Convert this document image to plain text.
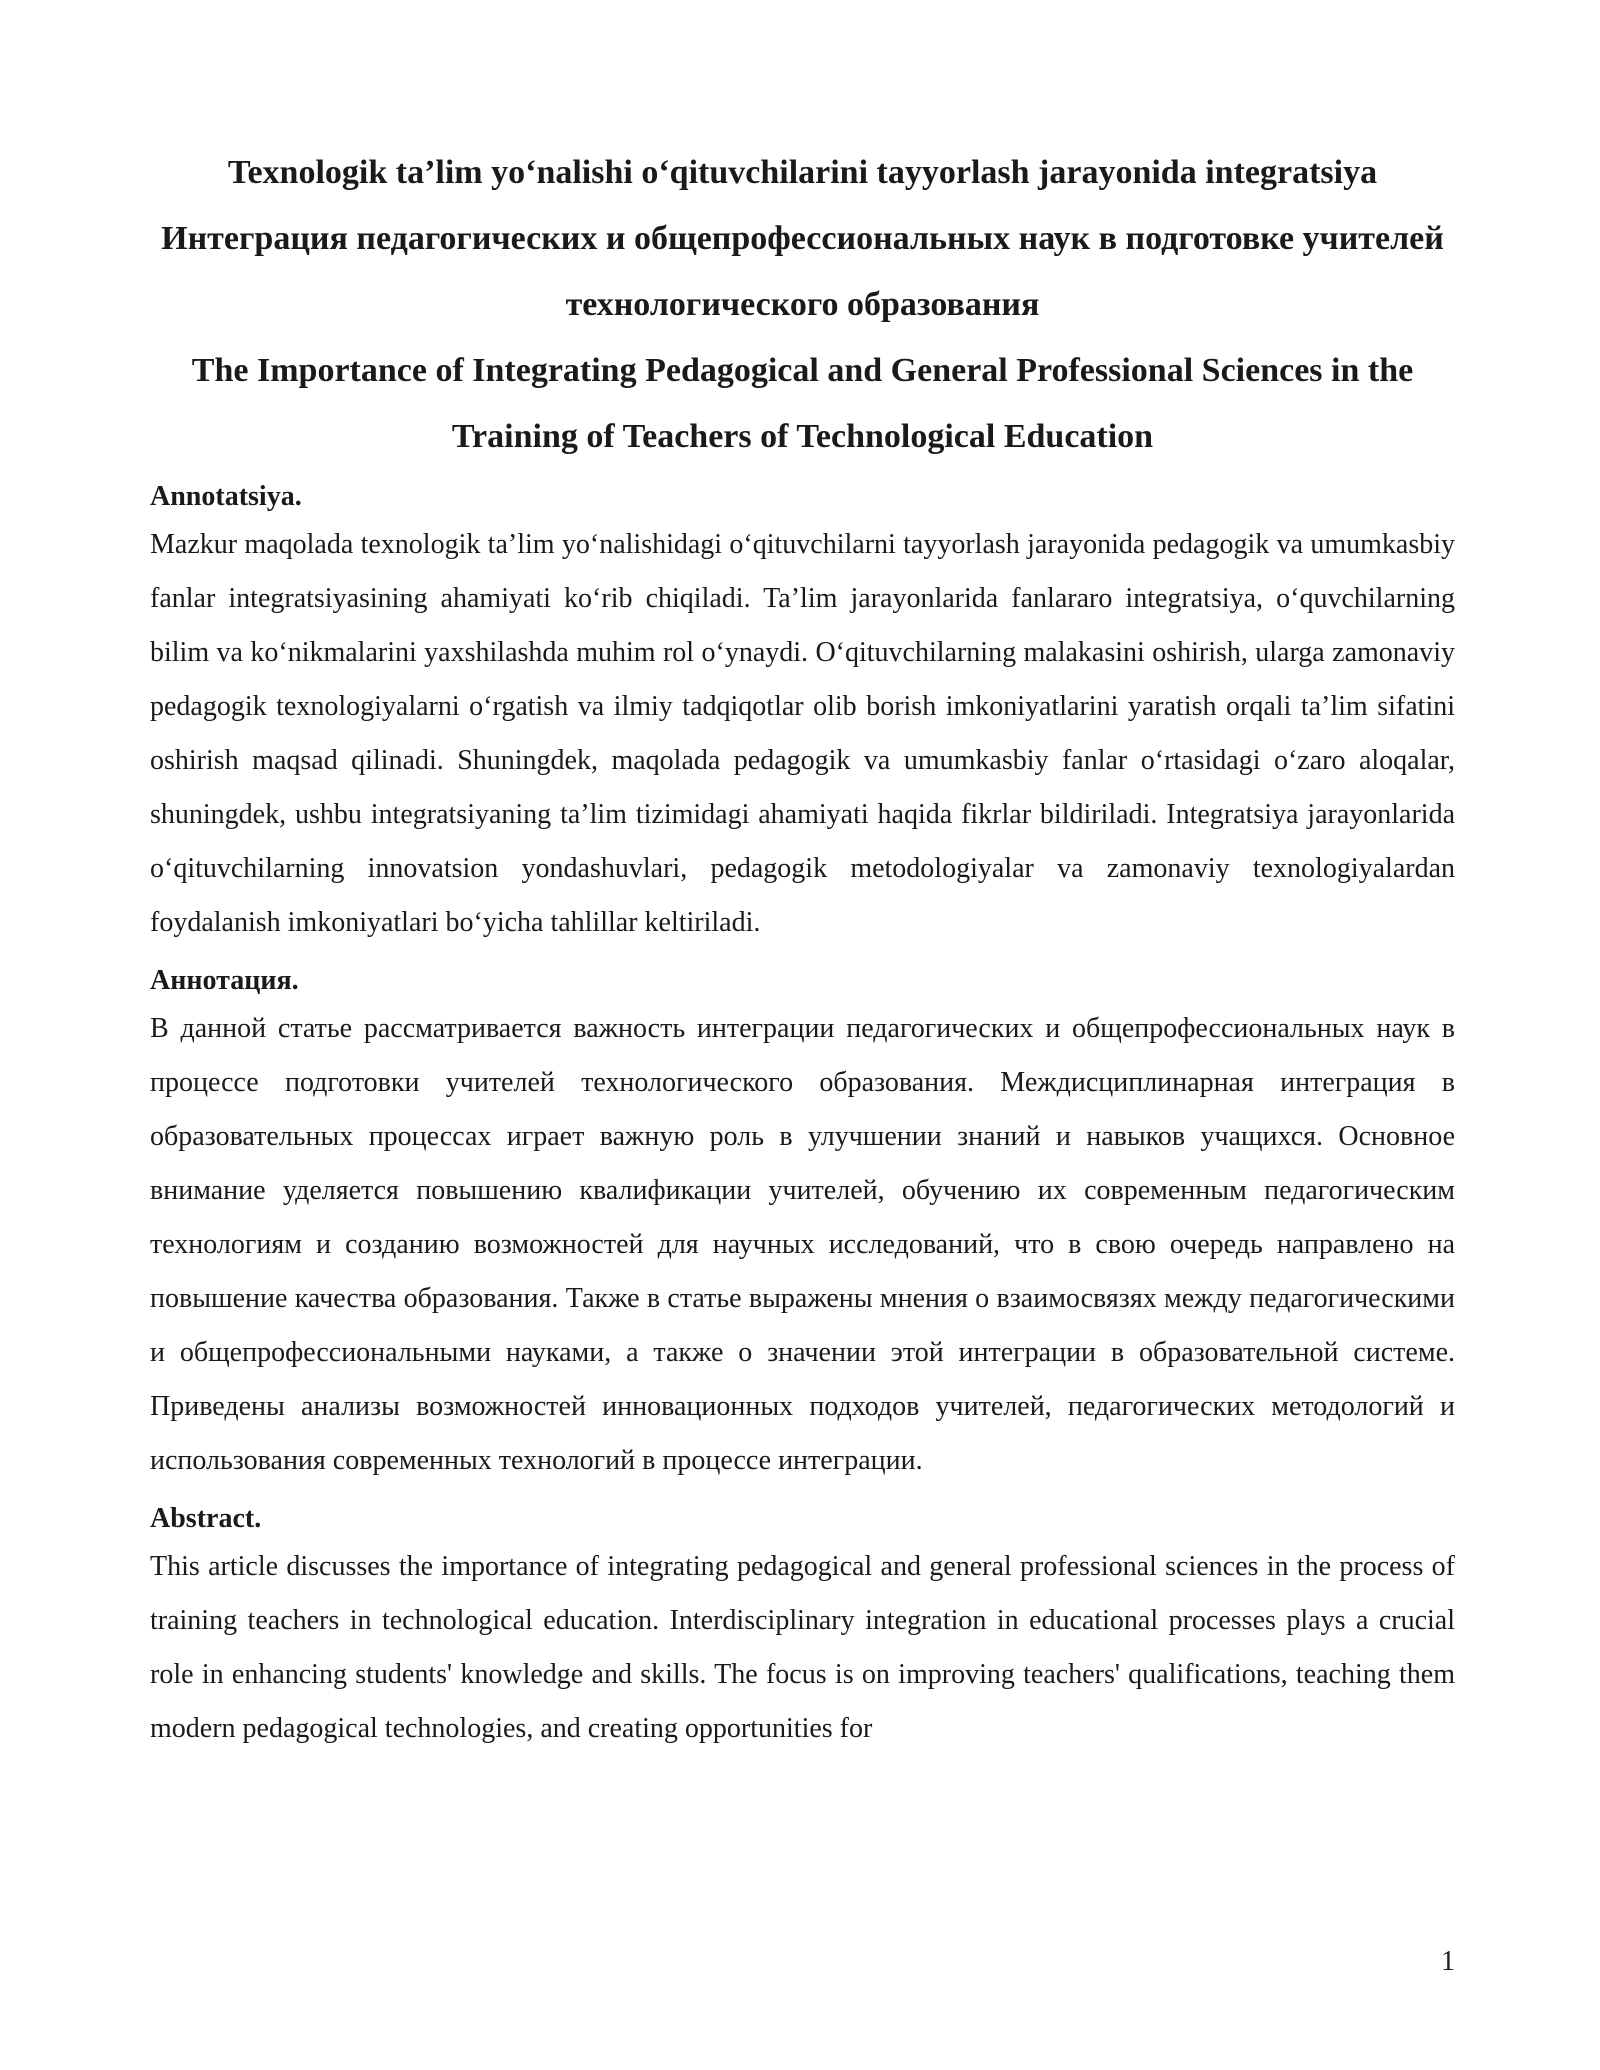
Texnologik ta’lim yo‘nalishi o‘qituvchilarini tayyorlash jarayonida integratsiya
Интеграция педагогических и общепрофессиональных наук в подготовке учителей технологического образования
The Importance of Integrating Pedagogical and General Professional Sciences in the Training of Teachers of Technological Education
Annotatsiya.

Mazkur maqolada texnologik ta’lim yo‘nalishidagi o‘qituvchilarni tayyorlash jarayonida pedagogik va umumkasbiy fanlar integratsiyasining ahamiyati ko‘rib chiqiladi. Ta’lim jarayonlarida fanlararo integratsiya, o‘quvchilarning bilim va ko‘nikmalarini yaxshilashda muhim rol o‘ynaydi. O‘qituvchilarning malakasini oshirish, ularga zamonaviy pedagogik texnologiyalarni o‘rgatish va ilmiy tadqiqotlar olib borish imkoniyatlarini yaratish orqali ta’lim sifatini oshirish maqsad qilinadi. Shuningdek, maqolada pedagogik va umumkasbiy fanlar o‘rtasidagi o‘zaro aloqalar, shuningdek, ushbu integratsiyaning ta’lim tizimidagi ahamiyati haqida fikrlar bildiriladi. Integratsiya jarayonlarida o‘qituvchilarning innovatsion yondashuvlari, pedagogik metodologiyalar va zamonaviy texnologiyalardan foydalanish imkoniyatlari bo‘yicha tahlillar keltiriladi.

Аннотация.

В данной статье рассматривается важность интеграции педагогических и общепрофессиональных наук в процессе подготовки учителей технологического образования. Междисциплинарная интеграция в образовательных процессах играет важную роль в улучшении знаний и навыков учащихся. Основное внимание уделяется повышению квалификации учителей, обучению их современным педагогическим технологиям и созданию возможностей для научных исследований, что в свою очередь направлено на повышение качества образования. Также в статье выражены мнения о взаимосвязях между педагогическими и общепрофессиональными науками, а также о значении этой интеграции в образовательной системе. Приведены анализы возможностей инновационных подходов учителей, педагогических методологий и использования современных технологий в процессе интеграции.

Abstract.

This article discusses the importance of integrating pedagogical and general professional sciences in the process of training teachers in technological education. Interdisciplinary integration in educational processes plays a crucial role in enhancing students' knowledge and skills. The focus is on improving teachers' qualifications, teaching them modern pedagogical technologies, and creating opportunities for

1
